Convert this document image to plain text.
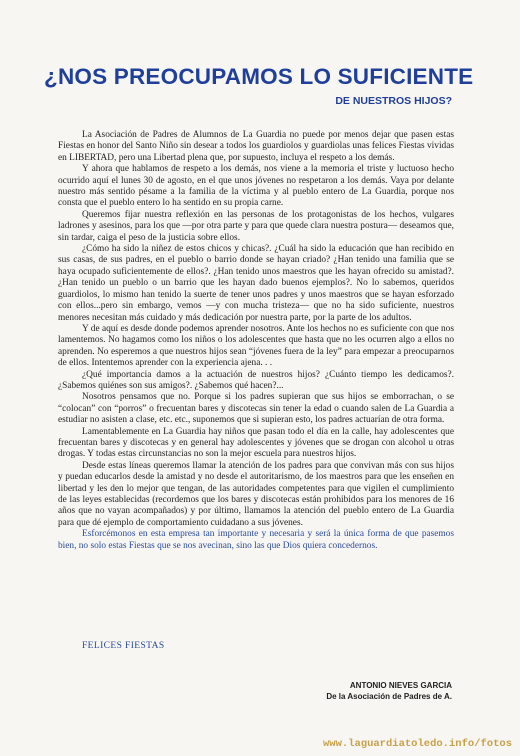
¿NOS PREOCUPAMOS LO SUFICIENTE
DE NUESTROS HIJOS?

La Asociación de Padres de Alumnos de La Guardia no puede por menos dejar que pasen estas Fiestas en honor del Santo Niño sin desear a todos los guardiolos y guardiolas unas felices Fiestas vividas en LIBERTAD, pero una Libertad plena que, por supuesto, incluya el respeto a los demás.

Y ahora que hablamos de respeto a los demás, nos viene a la memoria el triste y luctuoso hecho ocurrido aquí el lunes 30 de agosto, en el que unos jóvenes no respetaron a los demás. Vaya por delante nuestro más sentido pésame a la familia de la víctima y al pueblo entero de La Guardia, porque nos consta que el pueblo entero lo ha sentido en su propia carne.

Queremos fijar nuestra reflexión en las personas de los protagonistas de los hechos, vulgares ladrones y asesinos, para los que —por otra parte y para que quede clara nuestra postura— deseamos que, sin tardar, caiga el peso de la justicia sobre ellos.

¿Cómo ha sido la niñez de estos chicos y chicas?. ¿Cuál ha sido la educación que han recibido en sus casas, de sus padres, en el pueblo o barrio donde se hayan criado? ¿Han tenido una familia que se haya ocupado suficientemente de ellos?. ¿Han tenido unos maestros que les hayan ofrecido su amistad?. ¿Han tenido un pueblo o un barrio que les hayan dado buenos ejemplos?. No lo sabemos, queridos guardiolos, lo mismo han tenido la suerte de tener unos padres y unos maestros que se hayan esforzado con ellos...pero sin embargo, vemos —y con mucha tristeza— que no ha sido suficiente, nuestros menores necesitan más cuidado y más dedicación por nuestra parte, por la parte de los adultos.

Y de aquí es desde donde podemos aprender nosotros. Ante los hechos no es suficiente con que nos lamentemos. No hagamos como los niños o los adolescentes que hasta que no les ocurren algo a ellos no aprenden. No esperemos a que nuestros hijos sean “jóvenes fuera de la ley” para empezar a preocuparnos de ellos. Intentemos aprender con la experiencia ajena. . .

¿Qué importancia damos a la actuación de nuestros hijos? ¿Cuánto tiempo les dedicamos?. ¿Sabemos quiénes son sus amigos?. ¿Sabemos qué hacen?...

Nosotros pensamos que no. Porque si los padres supieran que sus hijos se emborrachan, o se “colocan” con “porros” o frecuentan bares y discotecas sin tener la edad o cuando salen de La Guardia a estudiar no asisten a clase, etc. etc., suponemos que si supieran esto, los padres actuarían de otra forma.

Lamentablemente en La Guardia hay niños que pasan todo el día en la calle, hay adolescentes que frecuentan bares y discotecas y en general hay adolescentes y jóvenes que se drogan con alcohol u otras drogas. Y todas estas circunstancias no son la mejor escuela para nuestros hijos.

Desde estas líneas queremos llamar la atención de los padres para que convivan más con sus hijos y puedan educarlos desde la amistad y no desde el autoritarismo, de los maestros para que les enseñen en libertad y les den lo mejor que tengan, de las autoridades competentes para que vigilen el cumplimiento de las leyes establecidas (recordemos que los bares y discotecas están prohibidos para los menores de 16 años que no vayan acompañados) y por último, llamamos la atención del pueblo entero de La Guardia para que dé ejemplo de comportamiento cuidadano a sus jóvenes.

Esforcémonos en esta empresa tan importante y necesaria y será la única forma de que pasemos bien, no solo estas Fiestas que se nos avecinan, sino las que Dios quiera concedernos.

FELICES FIESTAS
ANTONIO NIEVES GARCIA
De la Asociación de Padres de A.
www.laguardiatoledo.info/fotos
